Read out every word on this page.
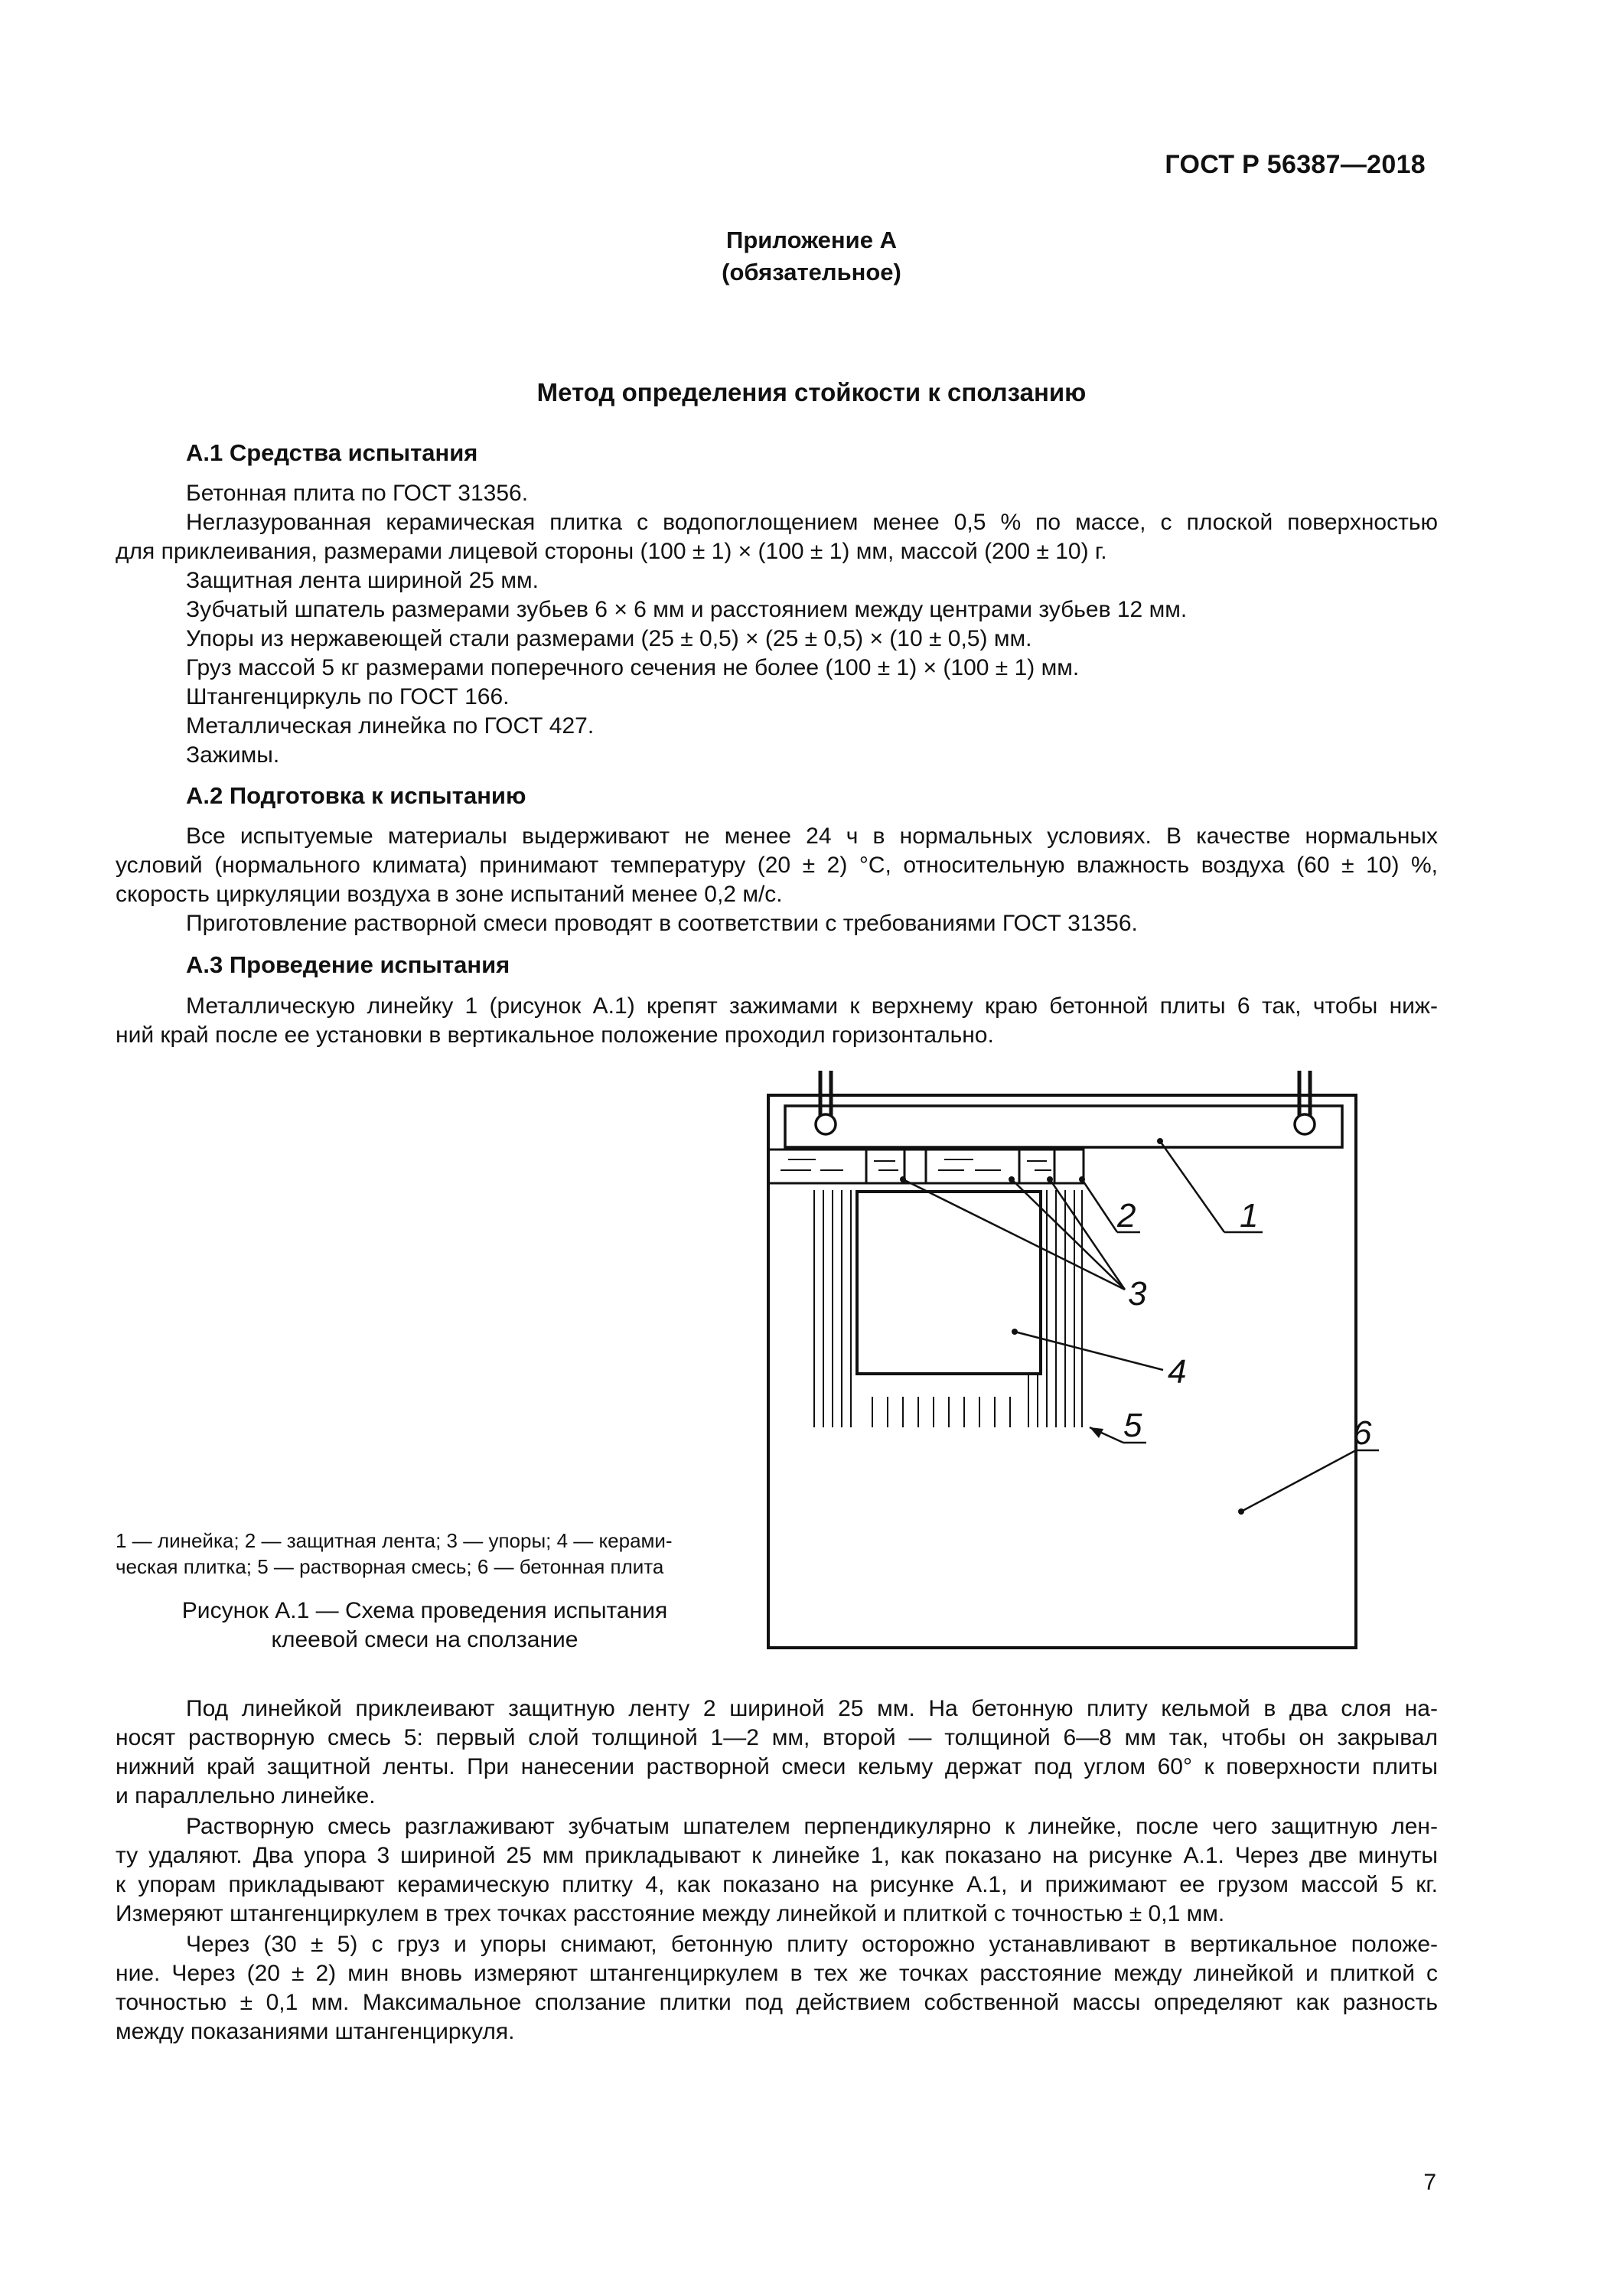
ГОСТ Р 56387—2018
Приложение А
(обязательное)
Метод определения стойкости к сползанию
А.1 Средства испытания
Бетонная плита по ГОСТ 31356.
Неглазурованная керамическая плитка с водопоглощением менее 0,5 % по массе, с плоской поверхностью
для приклеивания, размерами лицевой стороны (100 ± 1) × (100 ± 1) мм, массой (200 ± 10) г.
Защитная лента шириной 25 мм.
Зубчатый шпатель размерами зубьев 6 × 6 мм и расстоянием между центрами зубьев 12 мм.
Упоры из нержавеющей стали размерами (25 ± 0,5) × (25 ± 0,5) × (10 ± 0,5) мм.
Груз массой 5 кг размерами поперечного сечения не более (100 ± 1) × (100 ± 1) мм.
Штангенциркуль по ГОСТ 166.
Металлическая линейка по ГОСТ 427.
Зажимы.
А.2 Подготовка к испытанию
Все испытуемые материалы выдерживают не менее 24 ч в нормальных условиях. В качестве нормальных
условий (нормального климата) принимают температуру (20 ± 2) °С, относительную влажность воздуха (60 ± 10) %,
скорость циркуляции воздуха в зоне испытаний менее 0,2 м/с.
Приготовление растворной смеси проводят в соответствии с требованиями ГОСТ 31356.
А.3 Проведение испытания
Металлическую линейку 1 (рисунок А.1) крепят зажимами к верхнему краю бетонной плиты 6 так, чтобы ниж-
ний край после ее установки в вертикальное положение проходил горизонтально.
2	1
3
4
5	6
1 — линейка; 2 — защитная лента; 3 — упоры; 4 — керами-
ческая плитка; 5 — растворная смесь; 6 — бетонная плита
Рисунок А.1 — Схема проведения испытания
клеевой смеси на сползание
Под линейкой приклеивают защитную ленту 2 шириной 25 мм. На бетонную плиту кельмой в два слоя на-
носят растворную смесь 5: первый слой толщиной 1—2 мм, второй — толщиной 6—8 мм так, чтобы он закрывал
нижний край защитной ленты. При нанесении растворной смеси кельму держат под углом 60° к поверхности плиты
и параллельно линейке.
Растворную смесь разглаживают зубчатым шпателем перпендикулярно к линейке, после чего защитную лен-
ту удаляют. Два упора 3 шириной 25 мм прикладывают к линейке 1, как показано на рисунке А.1. Через две минуты
к упорам прикладывают керамическую плитку 4, как показано на рисунке А.1, и прижимают ее грузом массой 5 кг.
Измеряют штангенциркулем в трех точках расстояние между линейкой и плиткой с точностью ± 0,1 мм.
Через (30 ± 5) с груз и упоры снимают, бетонную плиту осторожно устанавливают в вертикальное положе-
ние. Через (20 ± 2) мин вновь измеряют штангенциркулем в тех же точках расстояние между линейкой и плиткой с
точностью ± 0,1 мм. Максимальное сползание плитки под действием собственной массы определяют как разность
между показаниями штангенциркуля.
7
